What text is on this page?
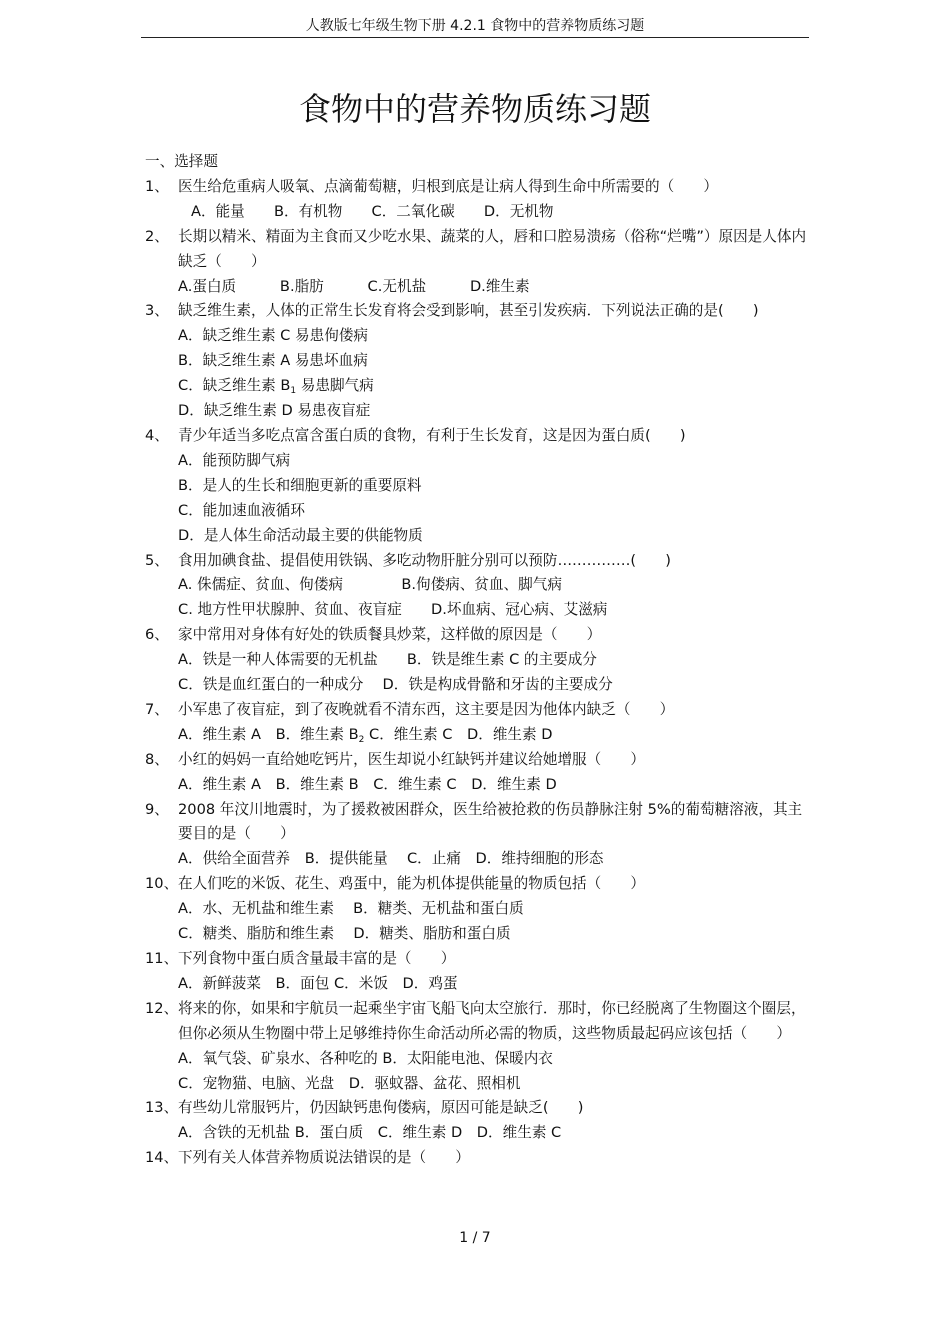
人教版七年级生物下册 4.2.1 食物中的营养物质练习题
食物中的营养物质练习题

一、选择题

1、 医生给危重病人吸氧、点滴葡萄糖，归根到底是让病人得到生命中所需要的（　　）

A．能量　　B．有机物　　C．二氧化碳　　D．无机物

2、 长期以精米、精面为主食而又少吃水果、蔬菜的人，唇和口腔易溃疡（俗称“烂嘴”）原因是人体内缺乏（　　）

A.蛋白质　　　B.脂肪　　　C.无机盐　　　D.维生素

3、 缺乏维生素，人体的正常生长发育将会受到影响，甚至引发疾病．下列说法正确的是(　　)

A．缺乏维生素 C 易患佝偻病

B．缺乏维生素 A 易患坏血病

C．缺乏维生素 $B_1$ 易患脚气病

D．缺乏维生素 D 易患夜盲症

4、 青少年适当多吃点富含蛋白质的食物，有利于生长发育，这是因为蛋白质(　　)

A．能预防脚气病

B．是人的生长和细胞更新的重要原料

C．能加速血液循环

D．是人体生命活动最主要的供能物质

5、 食用加碘食盐、提倡使用铁锅、多吃动物肝脏分别可以预防……………(　　)

A. 侏儒症、贫血、佝偻病　　　　B.佝偻病、贫血、脚气病

C. 地方性甲状腺肿、贫血、夜盲症　　D.坏血病、冠心病、艾滋病

6、 家中常用对身体有好处的铁质餐具炒菜，这样做的原因是（　　）

A．铁是一种人体需要的无机盐　　B．铁是维生素 C 的主要成分

C．铁是血红蛋白的一种成分　 D．铁是构成骨骼和牙齿的主要成分

7、 小军患了夜盲症，到了夜晚就看不清东西，这主要是因为他体内缺乏（　　）

A．维生素 A　B．维生素 $B_2$ C．维生素 C　D．维生素 D

8、 小红的妈妈一直给她吃钙片，医生却说小红缺钙并建议给她增服（　　）

A．维生素 A　B．维生素 B　C．维生素 C　D．维生素 D

9、 2008 年汶川地震时，为了援救被困群众，医生给被抢救的伤员静脉注射 5%的葡萄糖溶液，其主要目的是（　　）

A．供给全面营养　B．提供能量　 C．止痛　D．维持细胞的形态

10、 在人们吃的米饭、花生、鸡蛋中，能为机体提供能量的物质包括（　　）

A．水、无机盐和维生素　 B．糖类、无机盐和蛋白质

C．糖类、脂肪和维生素　 D．糖类、脂肪和蛋白质

11、 下列食物中蛋白质含量最丰富的是（　　）

A．新鲜菠菜　B．面包 C．米饭　D．鸡蛋

12、 将来的你，如果和宇航员一起乘坐宇宙飞船飞向太空旅行．那时，你已经脱离了生物圈这个圈层，但你必须从生物圈中带上足够维持你生命活动所必需的物质，这些物质最起码应该包括（　　）

A．氧气袋、矿泉水、各种吃的 B．太阳能电池、保暖内衣

C．宠物猫、电脑、光盘　D．驱蚊器、盆花、照相机

13、 有些幼儿常服钙片，仍因缺钙患佝偻病，原因可能是缺乏(　　)

A．含铁的无机盐 B．蛋白质　C．维生素 D　D．维生素 C

14、 下列有关人体营养物质说法错误的是（　　）
1 / 7
